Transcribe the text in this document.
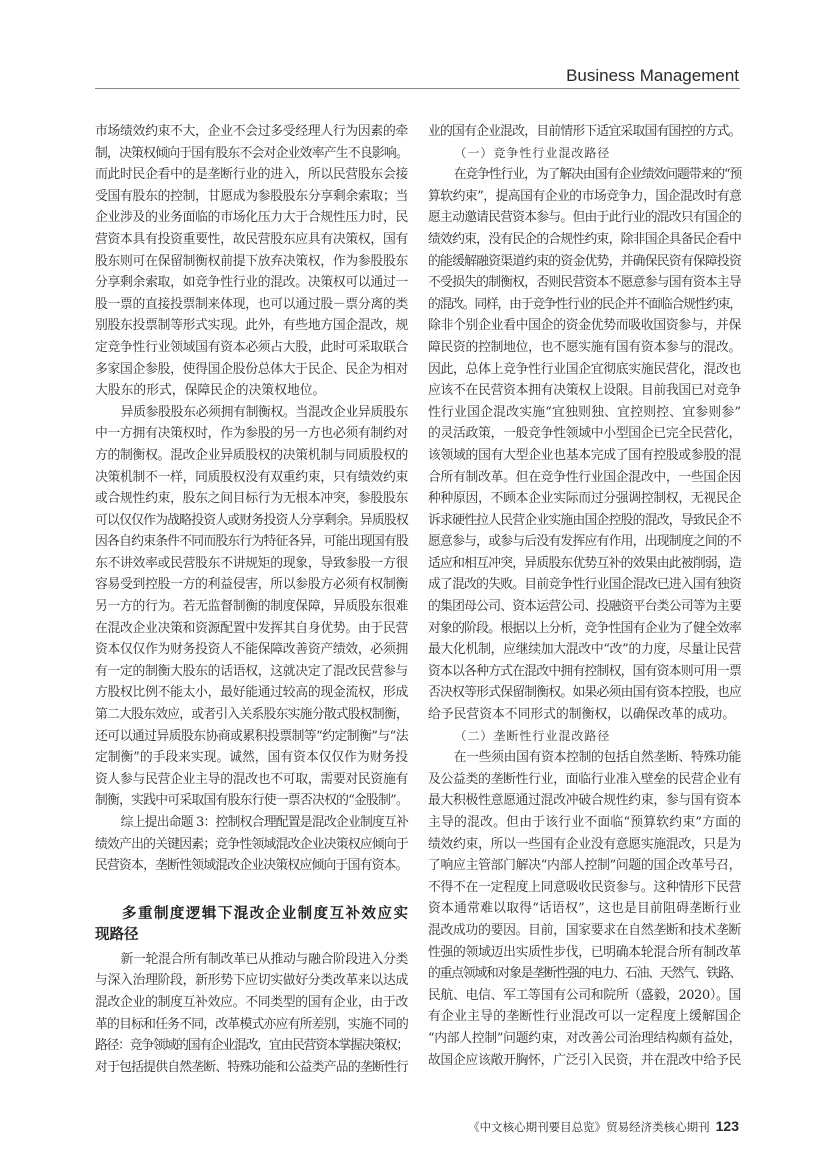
Business Management
市场绩效约束不大，企业不会过多受经理人行为因素的牵
制，决策权倾向于国有股东不会对企业效率产生不良影响。
而此时民企看中的是垄断行业的进入，所以民营股东会接
受国有股东的控制，甘愿成为参股股东分享剩余索取；当
企业涉及的业务面临的市场化压力大于合规性压力时，民
营资本具有投资重要性，故民营股东应具有决策权，国有
股东则可在保留制衡权前提下放弃决策权，作为参股股东
分享剩余索取，如竞争性行业的混改。决策权可以通过一
股一票的直接投票制来体现，也可以通过股－票分离的类
别股东投票制等形式实现。此外，有些地方国企混改，规
定竞争性行业领域国有资本必须占大股，此时可采取联合
多家国企参股，使得国企股份总体大于民企、民企为相对
大股东的形式，保障民企的决策权地位。
异质参股股东必须拥有制衡权。当混改企业异质股东
中一方拥有决策权时，作为参股的另一方也必须有制约对
方的制衡权。混改企业异质股权的决策机制与同质股权的
决策机制不一样，同质股权没有双重约束，只有绩效约束
或合规性约束，股东之间目标行为无根本冲突，参股股东
可以仅仅作为战略投资人或财务投资人分享剩余。异质股权
因各自约束条件不同而股东行为特征各异，可能出现国有股
东不讲效率或民营股东不讲规矩的现象，导致参股一方很
容易受到控股一方的利益侵害，所以参股方必须有权制衡
另一方的行为。若无监督制衡的制度保障，异质股东很难
在混改企业决策和资源配置中发挥其自身优势。由于民营
资本仅仅作为财务投资人不能保障改善资产绩效，必须拥
有一定的制衡大股东的话语权，这就决定了混改民营参与
方股权比例不能太小，最好能通过较高的现金流权，形成
第二大股东效应，或者引入关系股东实施分散式股权制衡，
还可以通过异质股东协商或累积投票制等“约定制衡”与“法
定制衡”的手段来实现。诚然，国有资本仅仅作为财务投
资人参与民营企业主导的混改也不可取，需要对民资施有
制衡，实践中可采取国有股东行使一票否决权的“金股制”。
综上提出命题 3：控制权合理配置是混改企业制度互补
绩效产出的关键因素；竞争性领域混改企业决策权应倾向于
民营资本，垄断性领域混改企业决策权应倾向于国有资本。
多重制度逻辑下混改企业制度互补效应实
现路径
新一轮混合所有制改革已从推动与融合阶段进入分类
与深入治理阶段，新形势下应切实做好分类改革来以达成
混改企业的制度互补效应。不同类型的国有企业，由于改
革的目标和任务不同，改革模式亦应有所差别，实施不同的
路径：竞争领域的国有企业混改，宜由民营资本掌握决策权；
对于包括提供自然垄断、特殊功能和公益类产品的垄断性行
业的国有企业混改，目前情形下适宜采取国有国控的方式。
（一）竞争性行业混改路径
在竞争性行业，为了解决由国有企业绩效问题带来的“预
算软约束”，提高国有企业的市场竞争力，国企混改时有意
愿主动邀请民营资本参与。但由于此行业的混改只有国企的
绩效约束，没有民企的合规性约束，除非国企具备民企看中
的能缓解融资渠道约束的资金优势，并确保民资有保障投资
不受损失的制衡权，否则民营资本不愿意参与国有资本主导
的混改。同样，由于竞争性行业的民企并不面临合规性约束，
除非个别企业看中国企的资金优势而吸收国资参与，并保
障民资的控制地位，也不愿实施有国有资本参与的混改。
因此，总体上竞争性行业国企宜彻底实施民营化，混改也
应该不在民营资本拥有决策权上设限。目前我国已对竞争
性行业国企混改实施“宜独则独、宜控则控、宜参则参”
的灵活政策，一般竞争性领域中小型国企已完全民营化，
该领域的国有大型企业也基本完成了国有控股或参股的混
合所有制改革。但在竞争性行业国企混改中，一些国企因
种种原因，不顾本企业实际而过分强调控制权，无视民企
诉求硬性拉人民营企业实施由国企控股的混改，导致民企不
愿意参与，或参与后没有发挥应有作用，出现制度之间的不
适应和相互冲突，异质股东优势互补的效果由此被削弱，造
成了混改的失败。目前竞争性行业国企混改已进入国有独资
的集团母公司、资本运营公司、投融资平台类公司等为主要
对象的阶段。根据以上分析，竞争性国有企业为了健全效率
最大化机制，应继续加大混改中“改”的力度，尽量让民营
资本以各种方式在混改中拥有控制权，国有资本则可用一票
否决权等形式保留制衡权。如果必须由国有资本控股，也应
给予民营资本不同形式的制衡权，以确保改革的成功。
（二）垄断性行业混改路径
在一些须由国有资本控制的包括自然垄断、特殊功能
及公益类的垄断性行业，面临行业准入壁垒的民营企业有
最大积极性意愿通过混改冲破合规性约束，参与国有资本
主导的混改。但由于该行业不面临“预算软约束”方面的
绩效约束，所以一些国有企业没有意愿实施混改，只是为
了响应主管部门解决“内部人控制”问题的国企改革号召，
不得不在一定程度上同意吸收民资参与。这种情形下民营
资本通常难以取得“话语权”，这也是目前阻碍垄断行业
混改成功的要因。目前，国家要求在自然垄断和技术垄断
性强的领域迈出实质性步伐，已明确本轮混合所有制改革
的重点领域和对象是垄断性强的电力、石油、天然气、铁路、
民航、电信、军工等国有公司和院所（盛毅，2020）。国
有企业主导的垄断性行业混改可以一定程度上缓解国企
“内部人控制”问题约束，对改善公司治理结构颇有益处，
故国企应该敞开胸怀，广泛引入民资，并在混改中给予民
《中文核心期刊要目总览》贸易经济类核心期刊 123
